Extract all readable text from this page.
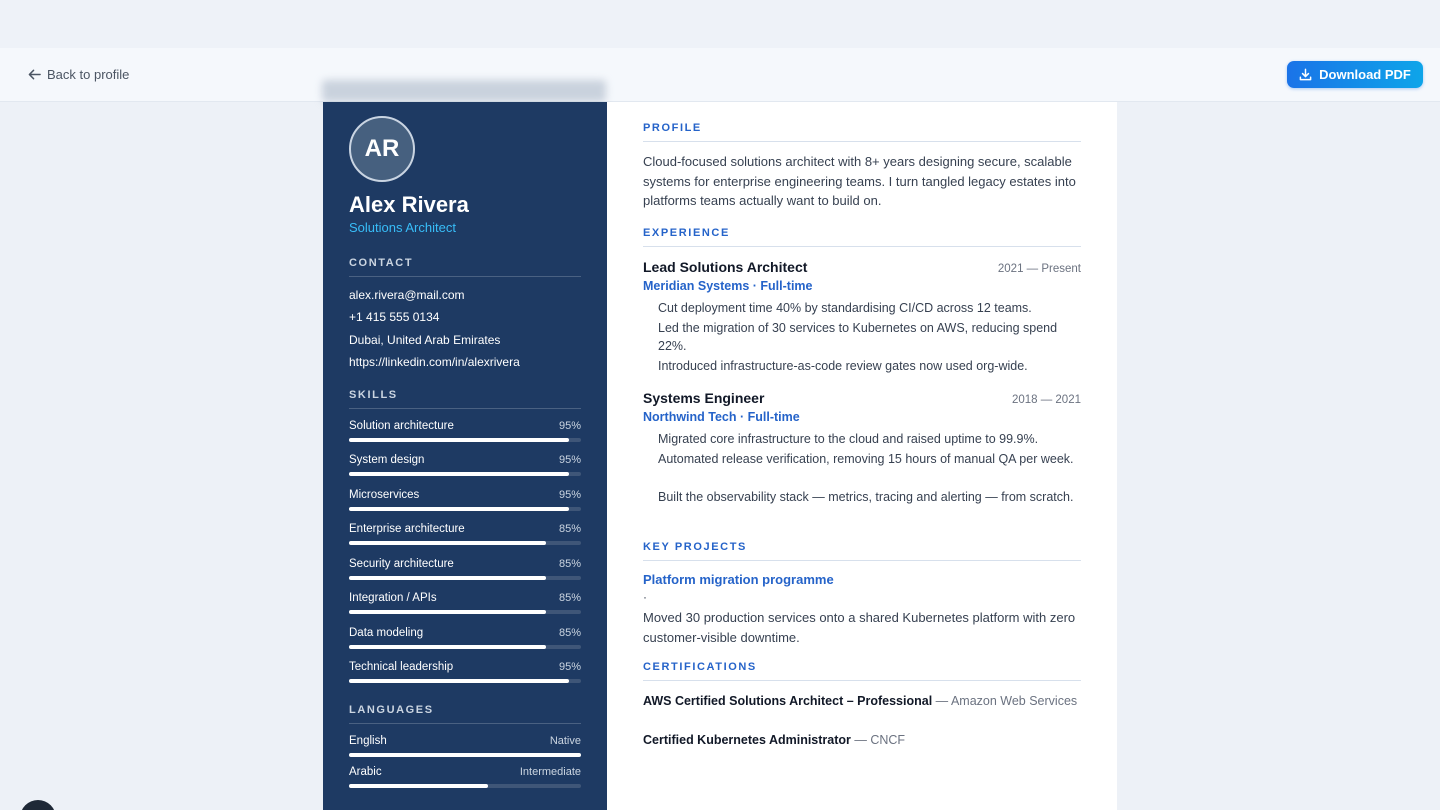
Back to profile	Download PDF
AR
Alex Rivera
Solutions Architect
CONTACT
alex.rivera@mail.com
+1 415 555 0134
Dubai, United Arab Emirates
https://linkedin.com/in/alexrivera
SKILLS
Solution architecture	95%
System design	95%
Microservices	95%
Enterprise architecture	85%
Security architecture	85%
Integration / APIs	85%
Data modeling	85%
Technical leadership	95%
LANGUAGES
English	Native
Arabic	Intermediate
PROFILE
Cloud-focused solutions architect with 8+ years designing secure, scalable systems for enterprise engineering teams. I turn tangled legacy estates into platforms teams actually want to build on.
EXPERIENCE
Lead Solutions Architect	2021 — Present
Meridian Systems · Full-time
Cut deployment time 40% by standardising CI/CD across 12 teams.
Led the migration of 30 services to Kubernetes on AWS, reducing spend 22%.
Introduced infrastructure-as-code review gates now used org-wide.
Systems Engineer	2018 — 2021
Northwind Tech · Full-time
Migrated core infrastructure to the cloud and raised uptime to 99.9%.
Automated release verification, removing 15 hours of manual QA per week.
Built the observability stack — metrics, tracing and alerting — from scratch.
KEY PROJECTS
Platform migration programme
·
Moved 30 production services onto a shared Kubernetes platform with zero customer-visible downtime.
CERTIFICATIONS
AWS Certified Solutions Architect – Professional — Amazon Web Services
Certified Kubernetes Administrator — CNCF
